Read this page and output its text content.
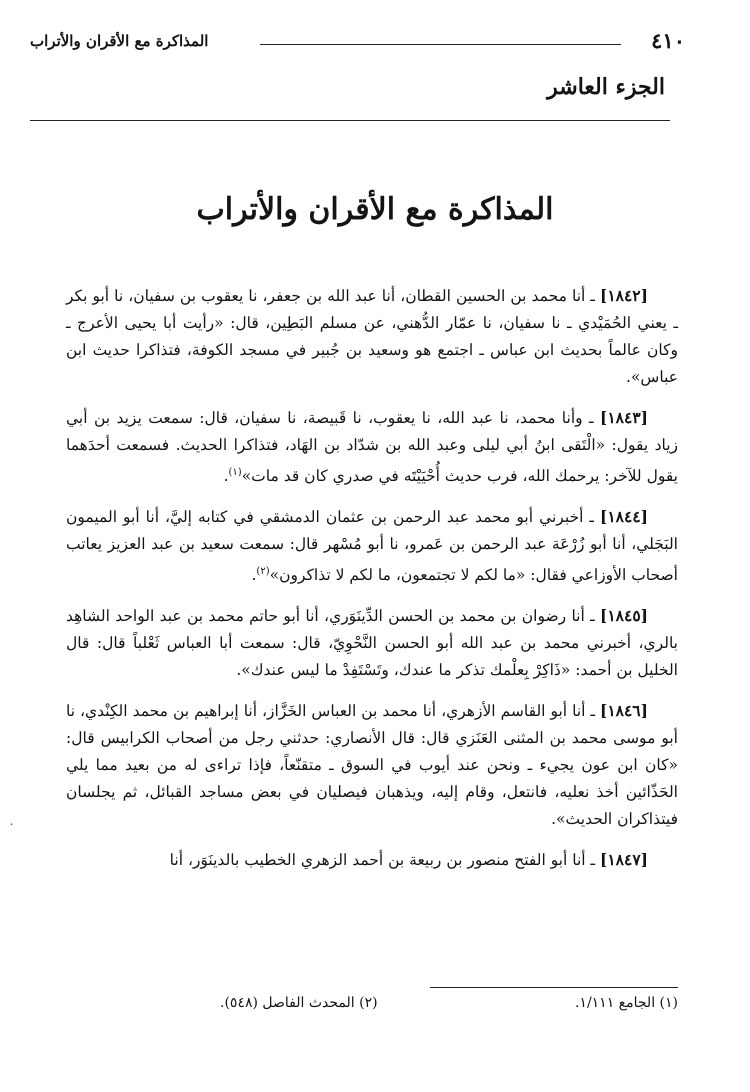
٤١٠
المذاكرة مع الأقران والأتراب
الجزء العاشر
المذاكرة مع الأقران والأتراب

[١٨٤٢] ـ أنا محمد بن الحسين القطان، أنا عبد الله بن جعفر، نا يعقوب بن سفيان، نا أبو بكر ـ يعني الحُمَيْدي ـ نا سفيان، نا عمّار الدُّهني، عن مسلم البَطِين، قال: «رأيت أبا يحيى الأعرج ـ وكان عالماً بحديث ابن عباس ـ اجتمع هو وسعيد بن جُبير في مسجد الكوفة، فتذاكرا حديث ابن عباس».

[١٨٤٣] ـ وأنا محمد، نا عبد الله، نا يعقوب، نا قَبيصة، نا سفيان، قال: سمعت يزيد بن أبي زياد يقول: «الْتَقى ابنُ أبي ليلى وعبد الله بن شدّاد بن الهَاد، فتذاكرا الحديث. فسمعت أحدَهما يقول للآخر: يرحمك الله، فرب حديث أُحْيَيْتَه في صدري كان قد مات»$^{(١)}$.

[١٨٤٤] ـ أخبرني أبو محمد عبد الرحمن بن عثمان الدمشقي في كتابه إليَّ، أنا أبو الميمون البَجَلي، أنا أبو زُرْعَة عبد الرحمن بن عَمرو، نا أبو مُسْهر قال: سمعت سعيد بن عبد العزيز يعاتب أصحاب الأوزاعي فقال: «ما لكم لا تجتمعون، ما لكم لا تذاكرون»$^{(٢)}$.

[١٨٤٥] ـ أنا رضوان بن محمد بن الحسن الدِّينَوَري، أنا أبو حاتم محمد بن عبد الواحد الشاهِد بالري، أخبرني محمد بن عبد الله أبو الحسن النَّحْوِيّ، قال: سمعت أبا العباس ثَعْلباً قال: قال الخليل بن أحمد: «ذَاكِرْ بِعلْمك تذكر ما عندك، وتَسْتَفِدْ ما ليس عندك».

[١٨٤٦] ـ أنا أبو القاسم الأزهري، أنا محمد بن العباس الخَزَّاز، أنا إبراهيم بن محمد الكِنْدي، نا أبو موسى محمد بن المثنى العَنَزي قال: قال الأنصاري: حدثني رجل من أصحاب الكرابيس قال: «كان ابن عون يجيء ـ ونحن عند أيوب في السوق ـ متقنّعاً، فإذا تراءى له من بعيد مما يلي الحَذّائين أخذ نعليه، فانتعل، وقام إليه، ويذهبان فيصليان في بعض مساجد القبائل، ثم يجلسان فيتذاكران الحديث».

[١٨٤٧] ـ أنا أبو الفتح منصور بن ربيعة بن أحمد الزهري الخطيب بالدينَوَر، أنا

(١) الجامع ١/١١١.
(٢) المحدث الفاصل (٥٤٨).
˙
